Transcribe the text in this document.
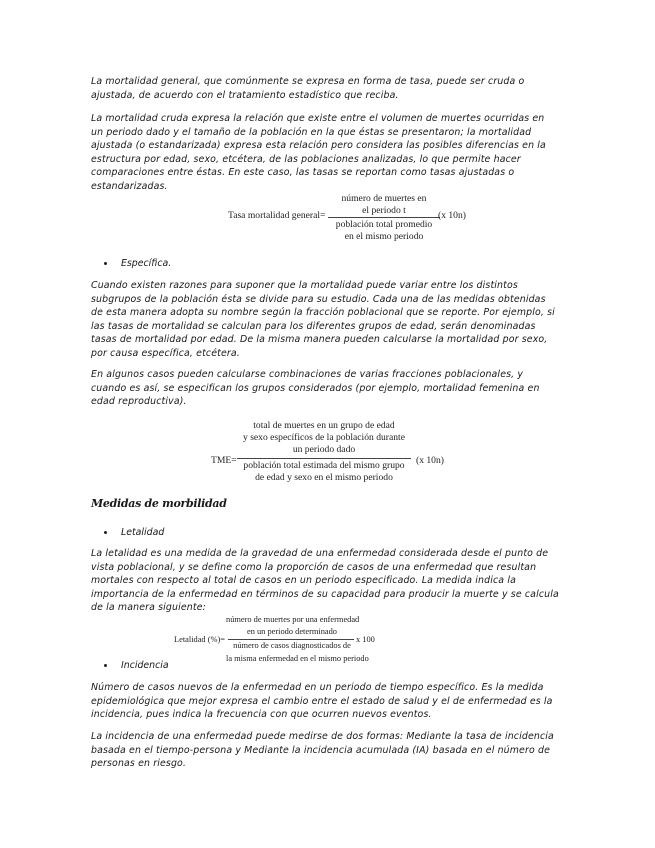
La mortalidad general, que comúnmente se expresa en forma de tasa, puede ser cruda o ajustada, de acuerdo con el tratamiento estadístico que reciba.

La mortalidad cruda expresa la relación que existe entre el volumen de muertes ocurridas en un periodo dado y el tamaño de la población en la que éstas se presentaron; la mortalidad ajustada (o estandarizada) expresa esta relación pero considera las posibles diferencias en la estructura por edad, sexo, etcétera, de las poblaciones analizadas, lo que permite hacer comparaciones entre éstas. En este caso, las tasas se reportan como tasas ajustadas o estandarizadas.

Tasa mortalidad general=
número de muertes en
el periodo t
población total promedio
en el mismo periodo
(x 10n)
Específica.

Cuando existen razones para suponer que la mortalidad puede variar entre los distintos subgrupos de la población ésta se divide para su estudio. Cada una de las medidas obtenidas de esta manera adopta su nombre según la fracción poblacional que se reporte. Por ejemplo, si las tasas de mortalidad se calculan para los diferentes grupos de edad, serán denominadas tasas de mortalidad por edad. De la misma manera pueden calcularse la mortalidad por sexo, por causa específica, etcétera.

En algunos casos pueden calcularse combinaciones de varias fracciones poblacionales, y cuando es así, se especifican los grupos considerados (por ejemplo, mortalidad femenina en edad reproductiva).

TME=
total de muertes en un grupo de edad
y sexo específicos de la población durante
un periodo dado
población total estimada del mismo grupo
de edad y sexo en el mismo periodo
(x 10n)
Medidas de morbilidad
Letalidad

La letalidad es una medida de la gravedad de una enfermedad considerada desde el punto de vista poblacional, y se define como la proporción de casos de una enfermedad que resultan mortales con respecto al total de casos en un periodo especificado. La medida indica la importancia de la enfermedad en términos de su capacidad para producir la muerte y se calcula de la manera siguiente:

Letalidad (%)=
número de muertes por una enfermedad
en un periodo determinado
número de casos diagnosticados de
la misma enfermedad en el mismo periodo
x 100
Incidencia

Número de casos nuevos de la enfermedad en un periodo de tiempo específico. Es la medida epidemiológica que mejor expresa el cambio entre el estado de salud y el de enfermedad es la incidencia, pues indica la frecuencia con que ocurren nuevos eventos.

La incidencia de una enfermedad puede medirse de dos formas: Mediante la tasa de incidencia basada en el tiempo-persona y Mediante la incidencia acumulada (IA) basada en el número de personas en riesgo.
